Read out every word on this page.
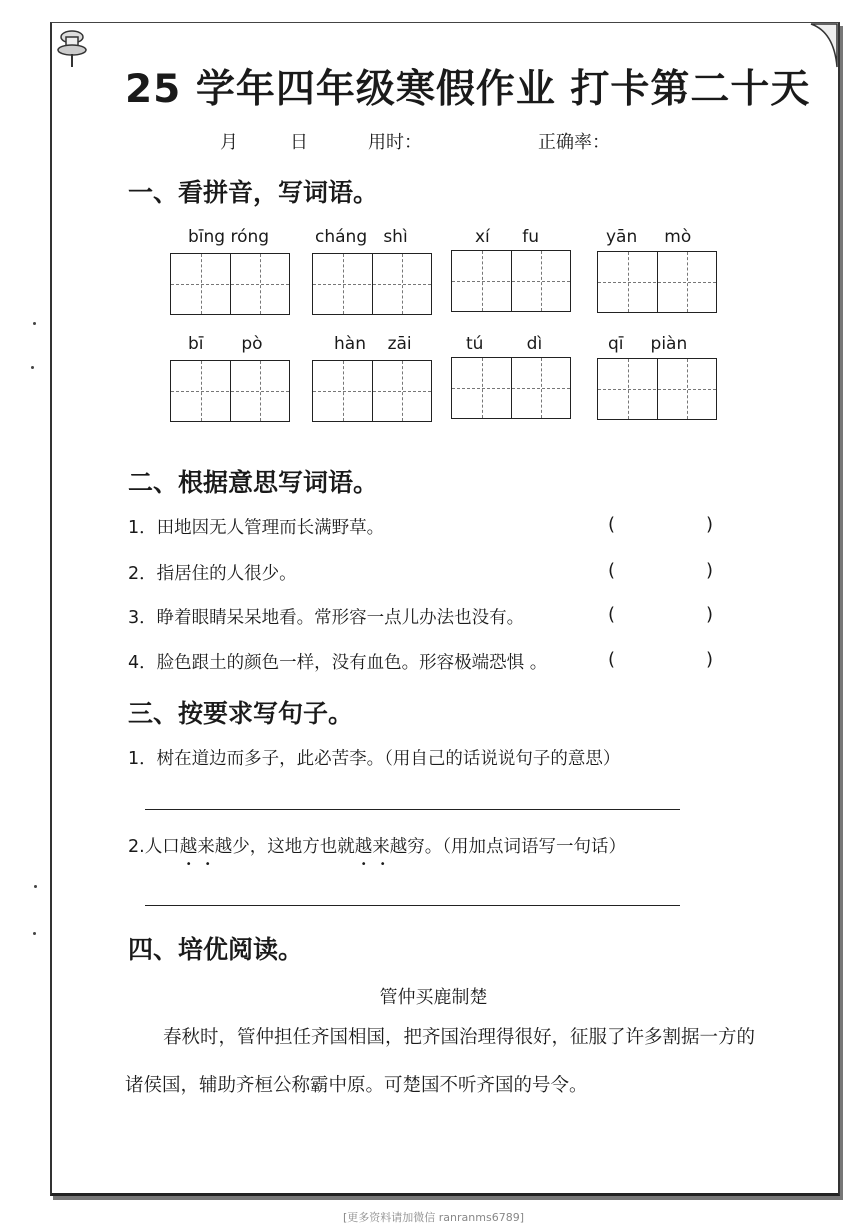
25 学年四年级寒假作业 打卡第二十天
月	日	用时：	正确率：
一、看拼音，写词语。
bīng róng	cháng   shì	xí      fu	yān     mò
bī       pò	hàn    zāi	tú        dì	qī     piàn
二、根据意思写词语。
1．田地因无人管理而长满野草。	(	)
2．指居住的人很少。	(	)
3．睁着眼睛呆呆地看。常形容一点儿办法也没有。	(	)
4．脸色跟土的颜色一样，没有血色。形容极端恐惧 。	(	)
三、按要求写句子。
1．树在道边而多子，此必苦李。（用自己的话说说句子的意思）
2.人口越来越 • •少，这地方也就越来越 • •穷。（用加点词语写一句话）
四、培优阅读。
管仲买鹿制楚
春秋时，管仲担任齐国相国，把齐国治理得很好，征服了许多割据一方的
诸侯国，辅助齐桓公称霸中原。可楚国不听齐国的号令。
[更多资料请加微信 ranranms6789]
